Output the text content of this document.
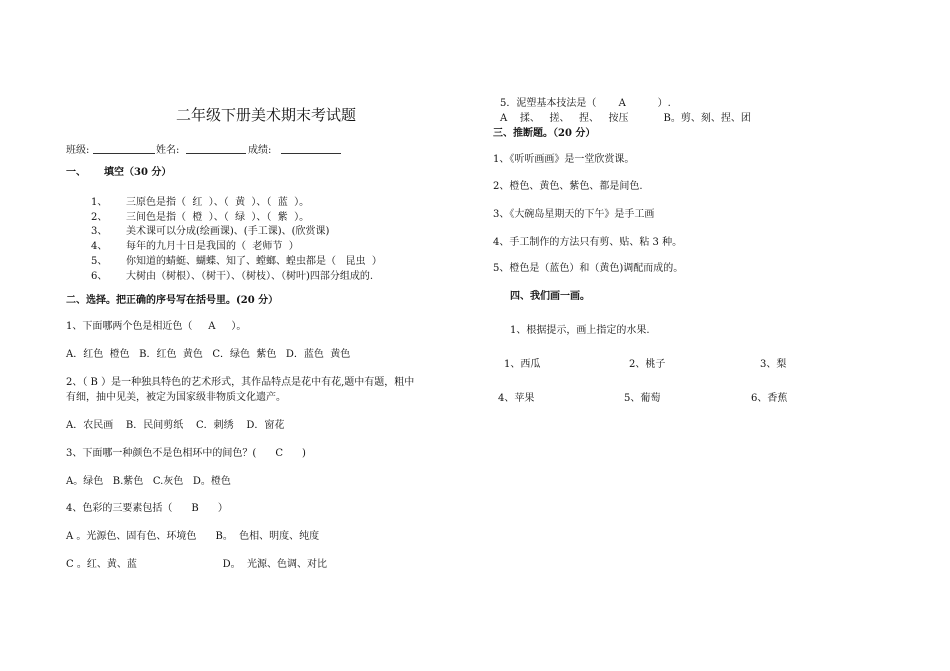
二年级下册美术期末考试题
班级:	姓名:	成绩:
一、 填空（30 分）
1、 三原色是指（  红  ）、（  黄  ）、（  蓝  ）。
2、 三间色是指（  橙  ）、（  绿  ）、（  紫  ）。
3、 美术课可以分成(绘画课)、(手工课)、(欣赏课)
4、 每年的九月十日是我国的（  老师节  ）
5、 你知道的蜻蜓、蝴蝶、知了、螳螂、蝗虫都是（   昆虫  ）
6、 大树由（树根）、（树干）、（树枝）、（树叶)四部分组成的.
二、选择。把正确的序号写在括号里。(20 分）
1、下面哪两个色是相近色（     A     ）。
A．红色  橙色   B．红色  黄色   C．绿色  紫色   D．蓝色  黄色
2、（ B ）是一种独具特色的艺术形式，其作品特点是花中有花,题中有题，粗中
有细，抽中见美，被定为国家级非物质文化遗产。
A．农民画    B．民间剪纸    C．刺绣    D．窗花
3、下面哪一种颜色不是色相环中的间色？(      C      )
A。绿色   B.紫色   C.灰色   D。橙色
4、色彩的三要素包括（      B      ）
A 。光源色、固有色、环境色      B。  色相、明度、纯度
C 。红、黄、蓝                           D。  光源、色调、对比
5．泥塑基本技法是（       A          ）.
A    揉、   搓、   捏、   按压           B。剪、刻、捏、团
三、推断题。（20 分）
1、《听听画画》是一堂欣赏课。
2、橙色、黄色、紫色、都是间色.
3、《大碗岛星期天的下午》是手工画
4、手工制作的方法只有剪、贴、粘 3 种。
5、橙色是（蓝色）和（黄色)调配而成的。
四、我们画一画。
1、根据提示，画上指定的水果.
1、西瓜	2、桃子	3、梨
4、苹果	5、葡萄	6、香蕉
